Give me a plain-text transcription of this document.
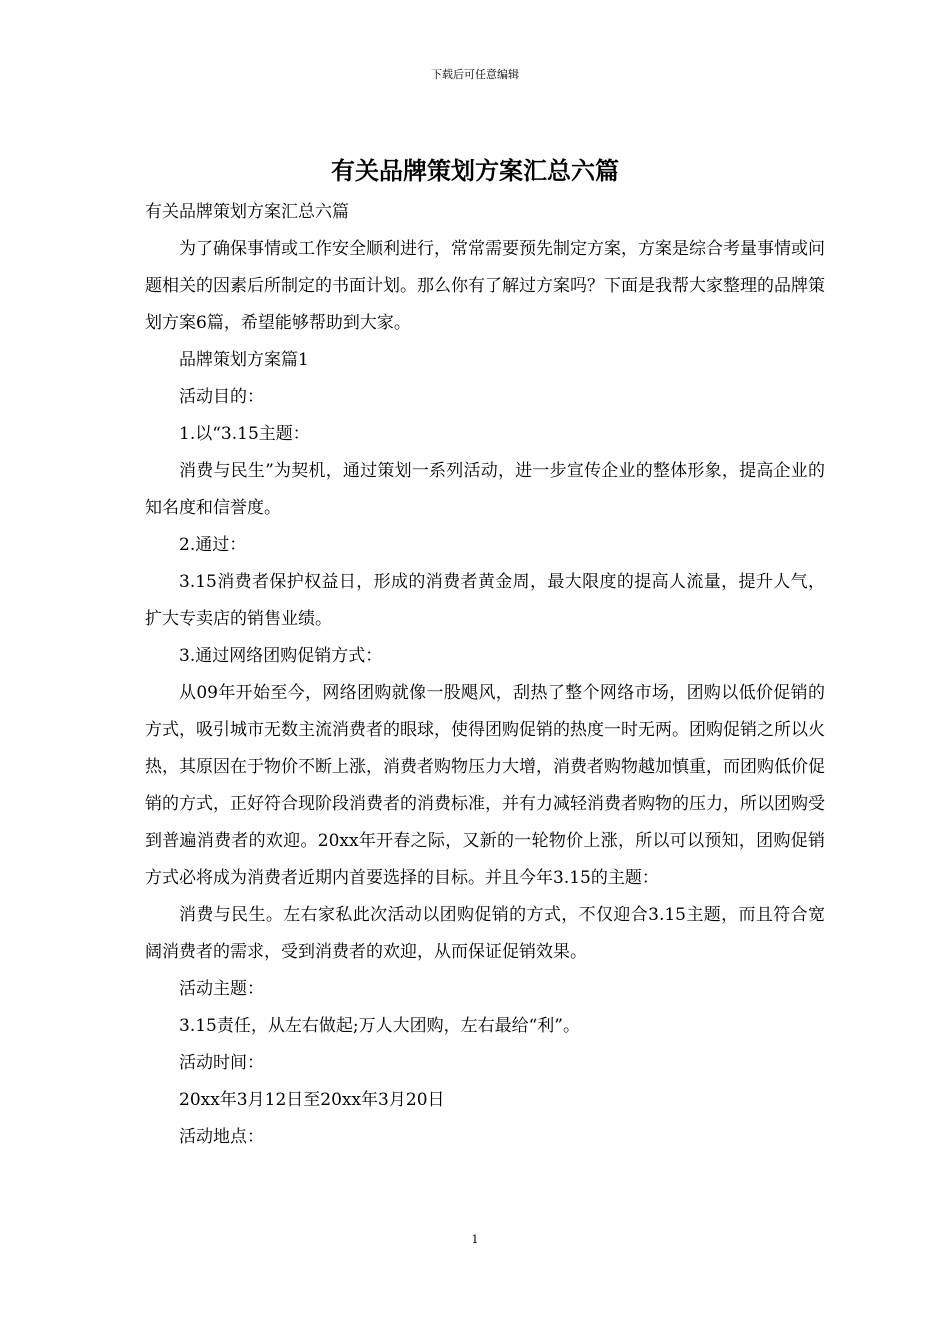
下载后可任意编辑
有关品牌策划方案汇总六篇

有关品牌策划方案汇总六篇

为了确保事情或工作安全顺利进行，常常需要预先制定方案，方案是综合考量事情或问题相关的因素后所制定的书面计划。那么你有了解过方案吗？下面是我帮大家整理的品牌策划方案6篇，希望能够帮助到大家。

品牌策划方案篇1

活动目的：

1.以“3.15主题：

消费与民生”为契机，通过策划一系列活动，进一步宣传企业的整体形象，提高企业的知名度和信誉度。

2.通过：

3.15消费者保护权益日，形成的消费者黄金周，最大限度的提高人流量，提升人气，扩大专卖店的销售业绩。

3.通过网络团购促销方式：

从09年开始至今，网络团购就像一股飓风，刮热了整个网络市场，团购以低价促销的方式，吸引城市无数主流消费者的眼球，使得团购促销的热度一时无两。团购促销之所以火热，其原因在于物价不断上涨，消费者购物压力大增，消费者购物越加慎重，而团购低价促销的方式，正好符合现阶段消费者的消费标准，并有力减轻消费者购物的压力，所以团购受到普遍消费者的欢迎。20xx年开春之际，又新的一轮物价上涨，所以可以预知，团购促销方式必将成为消费者近期内首要选择的目标。并且今年3.15的主题：

消费与民生。左右家私此次活动以团购促销的方式，不仅迎合3.15主题，而且符合宽阔消费者的需求，受到消费者的欢迎，从而保证促销效果。

活动主题：

3.15责任，从左右做起;万人大团购，左右最给“利”。

活动时间：

20xx年3月12日至20xx年3月20日

活动地点：

1
